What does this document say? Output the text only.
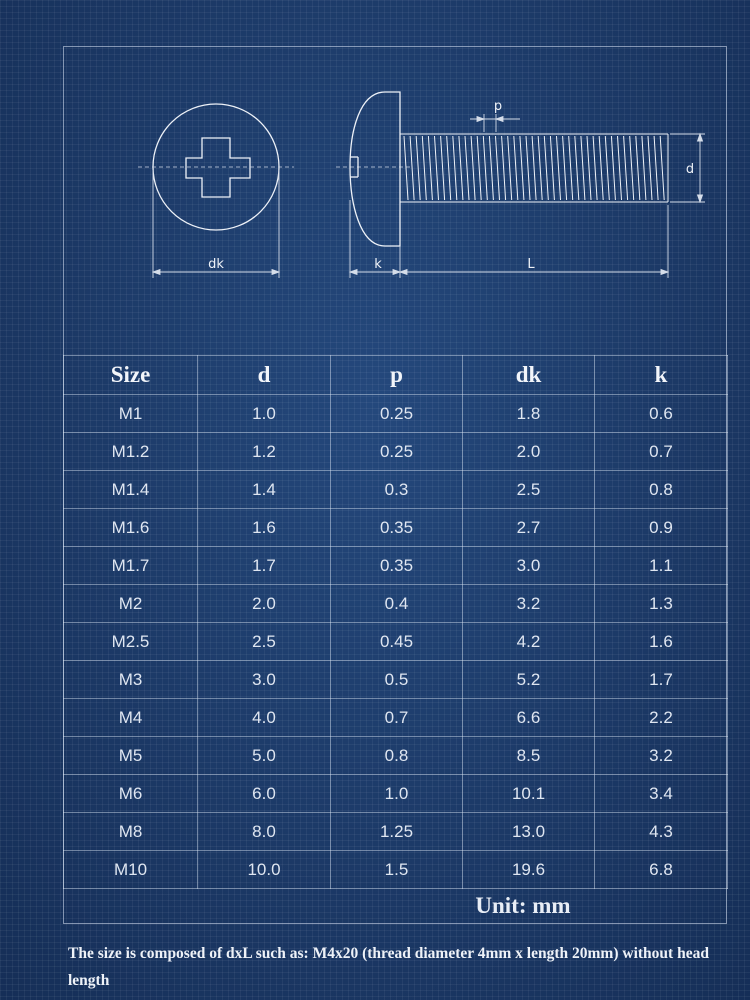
dk	k	L
p
d
Size	d	p	dk	k
M1	1.0	0.25	1.8	0.6
M1.2	1.2	0.25	2.0	0.7
M1.4	1.4	0.3	2.5	0.8
M1.6	1.6	0.35	2.7	0.9
M1.7	1.7	0.35	3.0	1.1
M2	2.0	0.4	3.2	1.3
M2.5	2.5	0.45	4.2	1.6
M3	3.0	0.5	5.2	1.7
M4	4.0	0.7	6.6	2.2
M5	5.0	0.8	8.5	3.2
M6	6.0	1.0	10.1	3.4
M8	8.0	1.25	13.0	4.3
M10	10.0	1.5	19.6	6.8
Unit: mm
The size is composed of dxL such as: M4x20 (thread diameter 4mm x length 20mm) without head length
